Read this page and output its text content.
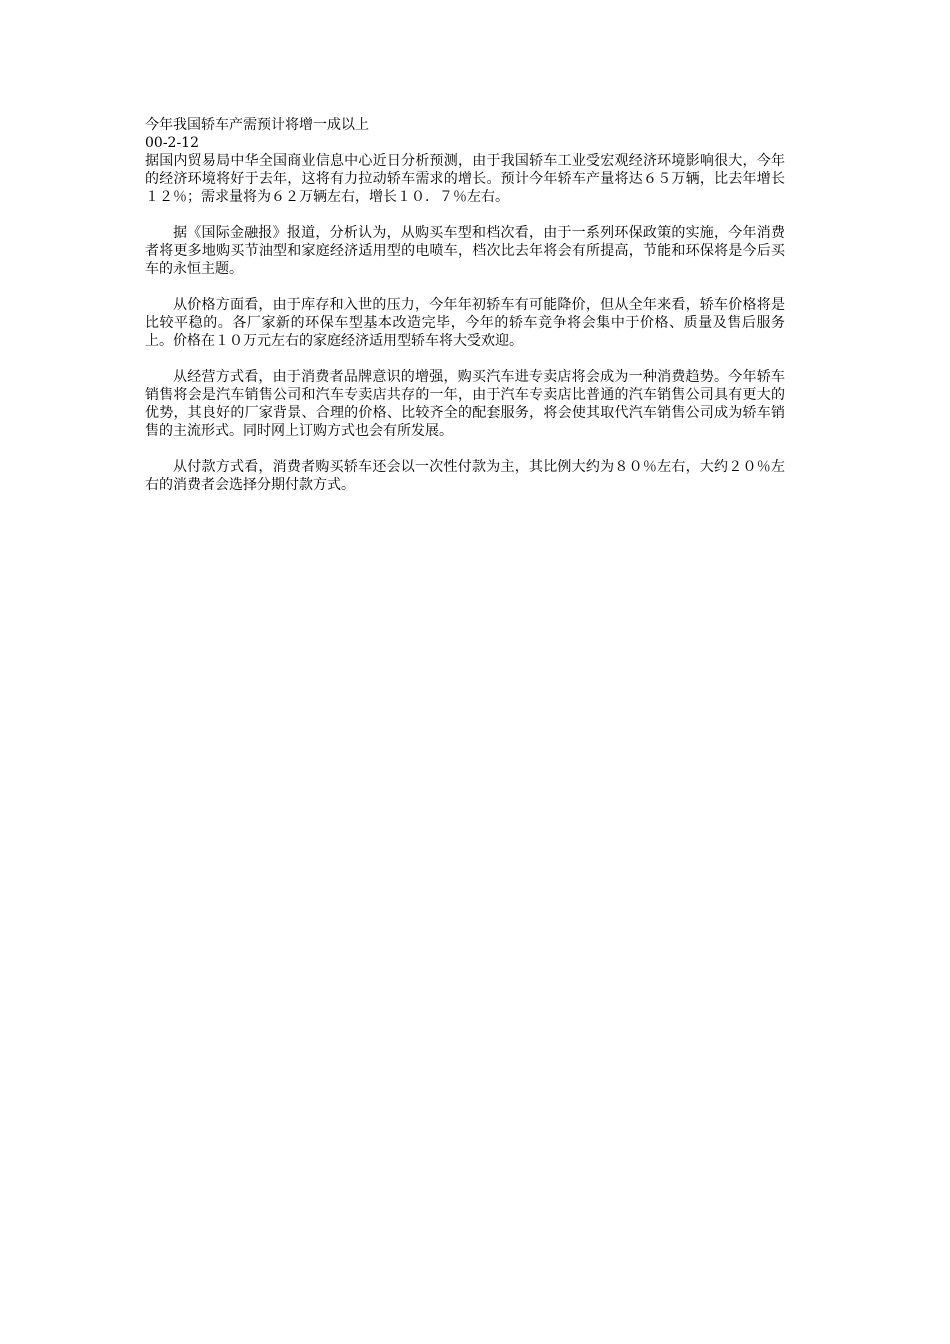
今年我国轿车产需预计将增一成以上

00-2-12

据国内贸易局中华全国商业信息中心近日分析预测，由于我国轿车工业受宏观经济环境影响很大，今年的经济环境将好于去年，这将有力拉动轿车需求的增长。预计今年轿车产量将达６５万辆，比去年增长１２％；需求量将为６２万辆左右，增长１０．７％左右。

据《国际金融报》报道，分析认为，从购买车型和档次看，由于一系列环保政策的实施，今年消费者将更多地购买节油型和家庭经济适用型的电喷车，档次比去年将会有所提高，节能和环保将是今后买车的永恒主题。

从价格方面看，由于库存和入世的压力，今年年初轿车有可能降价，但从全年来看，轿车价格将是比较平稳的。各厂家新的环保车型基本改造完毕，今年的轿车竞争将会集中于价格、质量及售后服务上。价格在１０万元左右的家庭经济适用型轿车将大受欢迎。

从经营方式看，由于消费者品牌意识的增强，购买汽车进专卖店将会成为一种消费趋势。今年轿车销售将会是汽车销售公司和汽车专卖店共存的一年，由于汽车专卖店比普通的汽车销售公司具有更大的优势，其良好的厂家背景、合理的价格、比较齐全的配套服务，将会使其取代汽车销售公司成为轿车销售的主流形式。同时网上订购方式也会有所发展。

从付款方式看，消费者购买轿车还会以一次性付款为主，其比例大约为８０％左右，大约２０％左右的消费者会选择分期付款方式。
